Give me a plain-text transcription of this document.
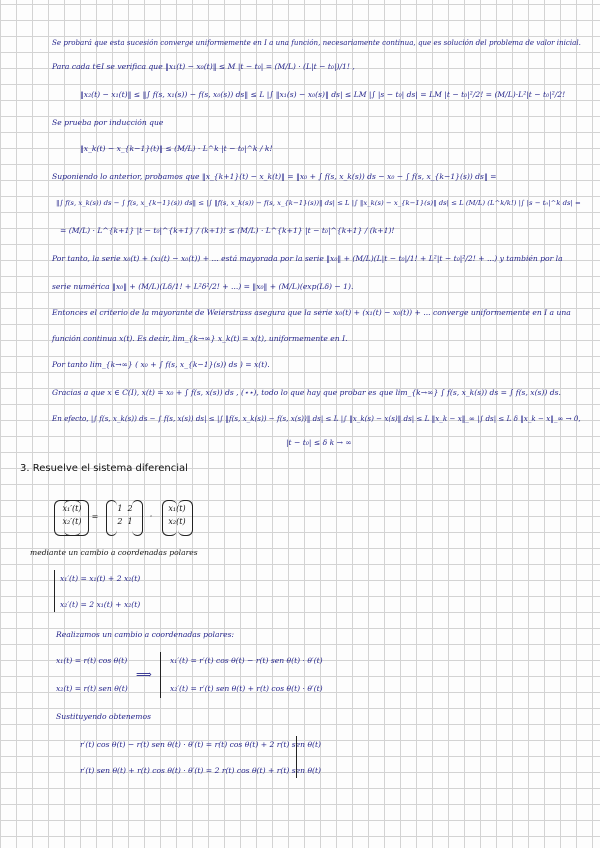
Se probará que esta sucesión converge uniformemente en I a una función, necesariamente continua, que es solución del problema de valor inicial.
Para cada t∈I se verifica que ‖x₁(t) − x₀(t)‖ ≤ M |t − t₀| = (M/L) · (L|t − t₀|)/1! ,
‖x₂(t) − x₁(t)‖ ≤ ‖∫ f(s, x₁(s)) − f(s, x₀(s)) ds‖ ≤ L |∫ ‖x₁(s) − x₀(s)‖ ds| ≤ LM |∫ |s − t₀| ds| = LM |t − t₀|²/2! = (M/L)·L²|t − t₀|²/2!
Se prueba por inducción que
‖x_k(t) − x_{k−1}(t)‖ ≤ (M/L) · L^k |t − t₀|^k / k!
Suponiendo lo anterior, probamos que ‖x_{k+1}(t) − x_k(t)‖ = ‖x₀ + ∫ f(s, x_k(s)) ds − x₀ − ∫ f(s, x_{k−1}(s)) ds‖ =
‖∫ f(s, x_k(s)) ds − ∫ f(s, x_{k−1}(s)) ds‖ ≤ |∫ ‖f(s, x_k(s)) − f(s, x_{k−1}(s))‖ ds| ≤ L |∫ ‖x_k(s) − x_{k−1}(s)‖ ds| ≤ L (M/L) (L^k/k!) |∫ |s − t₀|^k ds| =
= (M/L) · L^{k+1} |t − t₀|^{k+1} / (k+1)! ≤ (M/L) · L^{k+1} |t − t₀|^{k+1} / (k+1)!
Por tanto, la serie x₀(t) + (x₁(t) − x₀(t)) + ... está mayorada por la serie ‖x₀‖ + (M/L)(L|t − t₀|/1! + L²|t − t₀|²/2! + ...) y también por la
serie numérica ‖x₀‖ + (M/L)(Lδ/1! + L²δ²/2! + ...) = ‖x₀‖ + (M/L)(exp(Lδ) − 1).
Entonces el criterio de la mayorante de Weierstrass asegura que la serie x₀(t) + (x₁(t) − x₀(t)) + ... converge uniformemente en I a una
función continua x(t). Es decir, lim_{k→∞} x_k(t) = x(t), uniformemente en I.
Por tanto lim_{k→∞} ( x₀ + ∫ f(s, x_{k−1}(s)) ds ) = x(t).
Gracias a que x ∈ C(I), x(t) = x₀ + ∫ f(s, x(s)) ds , (⋆⋆), todo lo que hay que probar es que lim_{k→∞} ∫ f(s, x_k(s)) ds = ∫ f(s, x(s)) ds.
En efecto, |∫ f(s, x_k(s)) ds − ∫ f(s, x(s)) ds| ≤ |∫ ‖f(s, x_k(s)) − f(s, x(s))‖ ds| ≤ L |∫ ‖x_k(s) − x(s)‖ ds| ≤ L ‖x_k − x‖_∞ |∫ ds| ≤ L δ ‖x_k − x‖_∞ → 0,
|t − t₀| ≤ δ k → ∞
3. Resuelve el sistema diferencial
x₁′(t)
x₂′(t)
=
1 2
2 1
·
x₁(t)
x₂(t)
mediante un cambio a coordenadas polares
x₁′(t) = x₁(t) + 2 x₂(t)
x₂′(t) = 2 x₁(t) + x₂(t)
Realizamos un cambio a coordenadas polares:
x₁(t) = r(t) cos θ(t)
x₂(t) = r(t) sen θ(t)
⟹
x₁′(t) = r′(t) cos θ(t) − r(t) sen θ(t) · θ′(t)
x₂′(t) = r′(t) sen θ(t) + r(t) cos θ(t) · θ′(t)
Sustituyendo obtenemos
r′(t) cos θ(t) − r(t) sen θ(t) · θ′(t) = r(t) cos θ(t) + 2 r(t) sen θ(t)
r′(t) sen θ(t) + r(t) cos θ(t) · θ′(t) = 2 r(t) cos θ(t) + r(t) sen θ(t)
